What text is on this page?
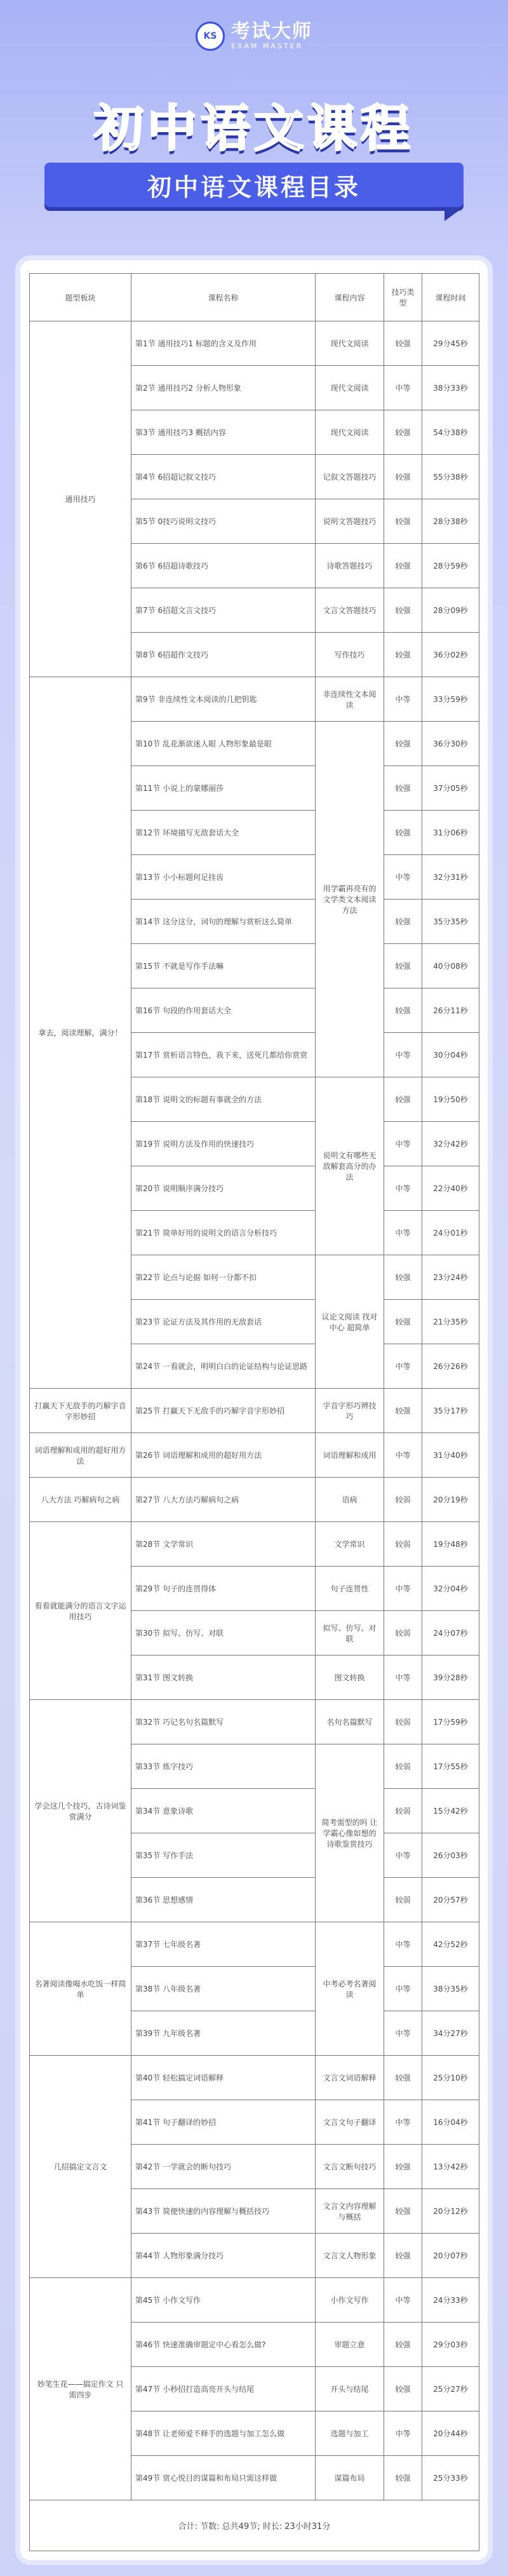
KS 考试大师
EXAM MASTER
初中语文课程
初中语文课程目录
题型板块	课程名称	课程内容	技巧类型	课程时间
通用技巧	第1节 通用技巧1 标题的含义及作用	现代文阅读	较强	29分45秒
	第2节 通用技巧2 分析人物形象	现代文阅读	中等	38分33秒
	第3节 通用技巧3 概括内容	现代文阅读	较强	54分38秒
	第4节 6招超记叙文技巧	记叙文答题技巧	较强	55分38秒
	第5节 0技巧说明文技巧	说明文答题技巧	较强	28分38秒
	第6节 6招超诗歌技巧	诗歌答题技巧	较强	28分59秒
	第7节 6招超文言文技巧	文言文答题技巧	较强	28分09秒
	第8节 6招超作文技巧	写作技巧	较强	36分02秒
拿去，阅读理解，满分！	第9节 非连续性文本阅读的几把钥匙	非连续性文本阅读	中等	33分59秒
	第10节 乱花渐欲迷人眼 人物形象最是眼	用学霸再亮有的文学类文本阅读方法	较强	36分30秒
	第11节 小说上的蒙娜丽莎		较强	37分05秒
	第12节 环境描写无敌套话大全		较强	31分06秒
	第13节 小小标题何足挂齿		中等	32分31秒
	第14节 这分这分，词句的理解与赏析这么简单		较强	35分35秒
	第15节 不就是写作手法嘛		较强	40分08秒
	第16节 句段的作用套话大全		较强	26分11秒
	第17节 赏析语言特色，我下来，送死几都给你赏赏		中等	30分04秒
	第18节 说明文的标题有事就全的方法	说明文有哪些无敌解套高分的办法	较强	19分50秒
	第19节 说明方法及作用的快速技巧		中等	32分42秒
	第20节 说明顺序满分技巧		中等	22分40秒
	第21节 简单好用的说明文的语言分析技巧		中等	24分01秒
	第22节 论点与论据 如何一分都不扣	议论文阅读 找对中心 超简单	较强	23分24秒
	第23节 论证方法及其作用的无敌套话		较强	21分35秒
	第24节 一看就会，明明白白的论证结构与论证思路		中等	26分26秒
打赢天下无敌手的巧解字音字形妙招	第25节 打赢天下无敌手的巧解字音字形妙招	字音字形巧辨技巧	较强	35分17秒
词语理解和成用的超好用方法	第26节 词语理解和成用的超好用方法	词语理解和成用	中等	31分40秒
八大方法 巧解病句之病	第27节 八大方法巧解病句之病	语病	较弱	20分19秒
看看就能满分的语言文字运用技巧	第28节 文学常识	文学常识	较弱	19分48秒
	第29节 句子的连贯得体	句子连贯性	中等	32分04秒
	第30节 拟写、仿写、对联	拟写、仿写、对联	较弱	24分07秒
	第31节 图文转换	图文转换	中等	39分28秒
学会这几个技巧，古诗词鉴赏满分	第32节 巧记名句名篇默写	名句名篇默写	较弱	17分59秒
	第33节 炼字技巧	简考需型的吗 让学霸心像如想的诗歌鉴赏技巧	较弱	17分55秒
	第34节 意象诗歌		较弱	15分42秒
	第35节 写作手法		中等	26分03秒
	第36节 思想感情		较弱	20分57秒
名著阅读像喝水吃饭一样简单	第37节 七年级名著	中考必考名著阅读	中等	42分52秒
	第38节 八年级名著		中等	38分35秒
	第39节 九年级名著		中等	34分27秒
几招搞定文言文	第40节 轻松搞定词语解释	文言文词语解释	较强	25分10秒
	第41节 句子翻译的妙招	文言文句子翻译	中等	16分04秒
	第42节 一学就会的断句技巧	文言文断句技巧	较强	13分42秒
	第43节 简便快速的内容理解与概括技巧	文言文内容理解与概括	较强	20分12秒
	第44节 人物形象满分技巧	文言文人物形象	较强	20分07秒
妙笔生花——搞定作文 只需四步	第45节 小作文写作	小作文写作	中等	24分33秒
	第46节 快速准确审题定中心看怎么做?	审题立意	较强	29分03秒
	第47节 小秒招打造高亮开头与结尾	开头与结尾	较强	25分27秒
	第48节 让老师爱不释手的选题与加工怎么做	选题与加工	中等	20分44秒
	第49节 赏心悦目的谋篇和布局只需这样做	谋篇布局	较强	25分33秒
合计: 节数: 总共49节; 时长: 23小时31分				
